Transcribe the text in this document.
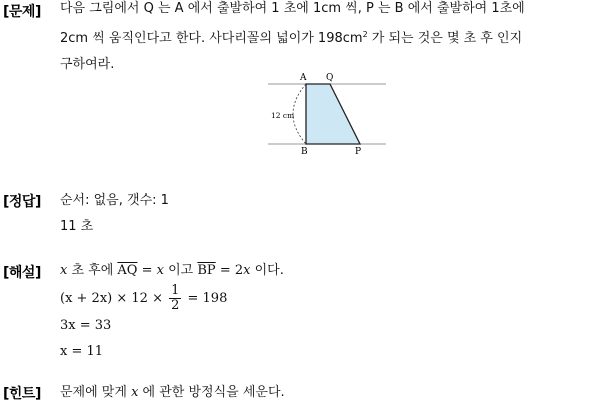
[문제] 다음 그림에서 Q 는 A 에서 출발하여 1 초에 1cm 씩, P 는 B 에서 출발하여 1초에
2cm 씩 움직인다고 한다. 사다리꼴의 넓이가 $198cm^2$ 가 되는 것은 몇 초 후 인지
구하여라.
A Q
B	P
12 cm
[정답] 순서: 없음, 갯수: 1
11 초
[해설] x 초 후에 $\overline{AQ} = x$ 이고 $\overline{BP} = 2x$ 이다.
$(x + 2x) \times 12 \times \frac{1}{2} = 198$
3x = 33
x = 11
[힌트] 문제에 맞게 x 에 관한 방정식을 세운다.
